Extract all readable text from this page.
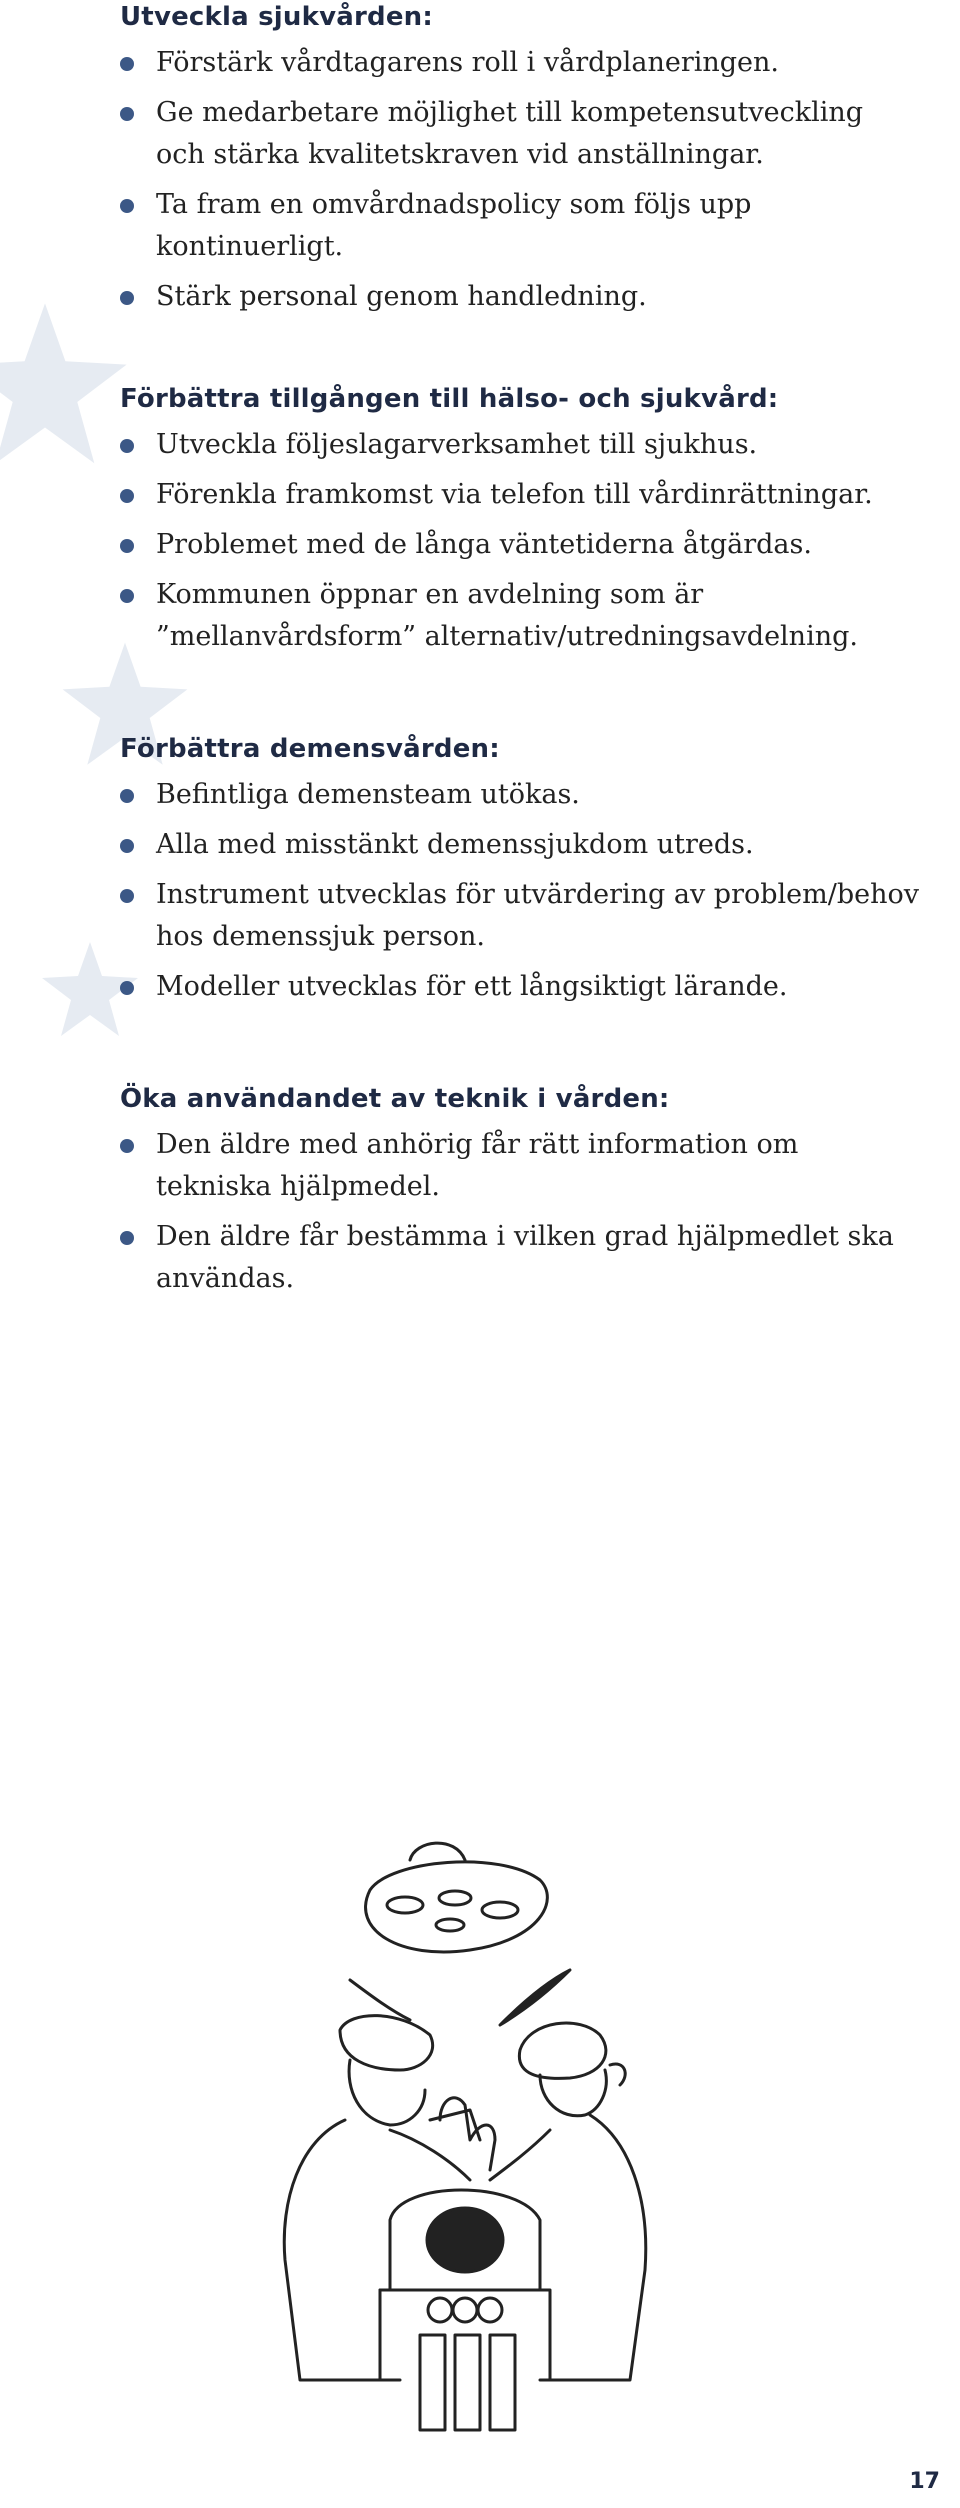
Utveckla sjukvården:
Förstärk vårdtagarens roll i vårdplaneringen.
Ge medarbetare möjlighet till kompetensutveckling och stärka kvalitetskraven vid anställningar.
Ta fram en omvårdnadspolicy som följs upp kontinuerligt.
Stärk personal genom handledning.
Förbättra tillgången till hälso- och sjukvård:
Utveckla följeslagarverksamhet till sjukhus.
Förenkla framkomst via telefon till vårdinrättningar.
Problemet med de långa väntetiderna åtgärdas.
Kommunen öppnar en avdelning som är ”mellanvårdsform” alternativ/utredningsavdelning.
Förbättra demensvården:
Befintliga demensteam utökas.
Alla med misstänkt demenssjukdom utreds.
Instrument utvecklas för utvärdering av problem/behov hos demenssjuk person.
Modeller utvecklas för ett långsiktigt lärande.
Öka användandet av teknik i vården:
Den äldre med anhörig får rätt information om tekniska hjälpmedel.
Den äldre får bestämma i vilken grad hjälpmedlet ska användas.
17
